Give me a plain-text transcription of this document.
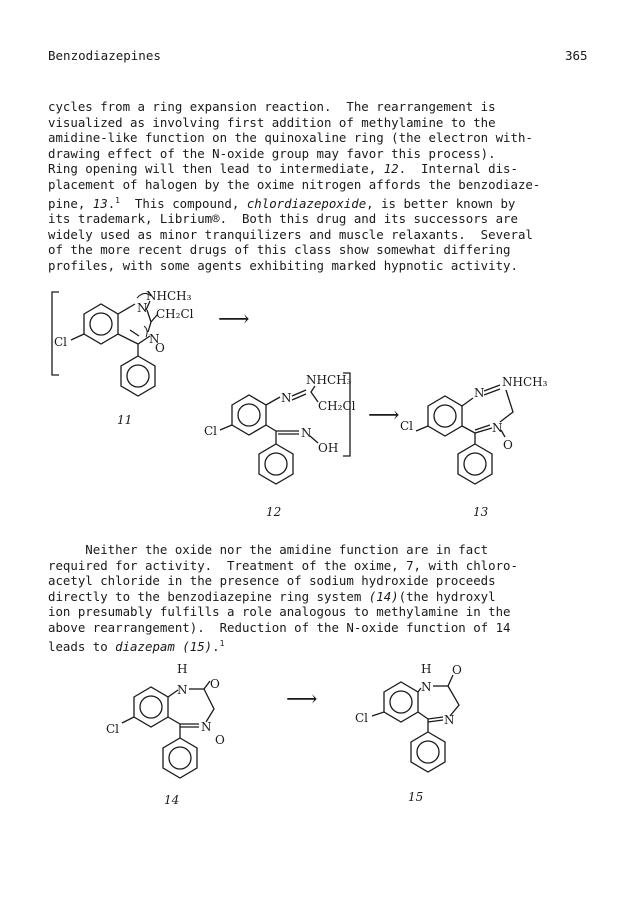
Benzodiazepines	365
cycles from a ring expansion reaction.  The rearrangement is
visualized as involving first addition of methylamine to the
amidine-like function on the quinoxaline ring (the electron with-
drawing effect of the N-oxide group may favor this process).
Ring opening will then lead to intermediate, 12.  Internal dis-
placement of halogen by the oxime nitrogen affords the benzodiaze-
pine, 13.$^1$  This compound, chlordiazepoxide, is better known by
its trademark, Librium®.  Both this drug and its successors are
widely used as minor tranquilizers and muscle relaxants.  Several
of the more recent drugs of this class show somewhat differing
profiles, with some agents exhibiting marked hypnotic activity.
Neither the oxide nor the amidine function are in fact
required for activity.  Treatment of the oxime, 7, with chloro-
acetyl chloride in the presence of sodium hydroxide proceeds
directly to the benzodiazepine ring system (14)(the hydroxyl
ion presumably fulfills a role analogous to methylamine in the
above rearrangement).  Reduction of the N-oxide function of 14
leads to diazepam (15).$^1$
Cl
N
N
O
NHCH₃
CH₂Cl
11
⟶
Cl
N
NHCH₃
CH₂Cl
N
OH
12
⟶ Cl
N
NHCH₃
N
O
13
Cl
H
N O
N
O
14
⟶
Cl
H
N
O
N
15
